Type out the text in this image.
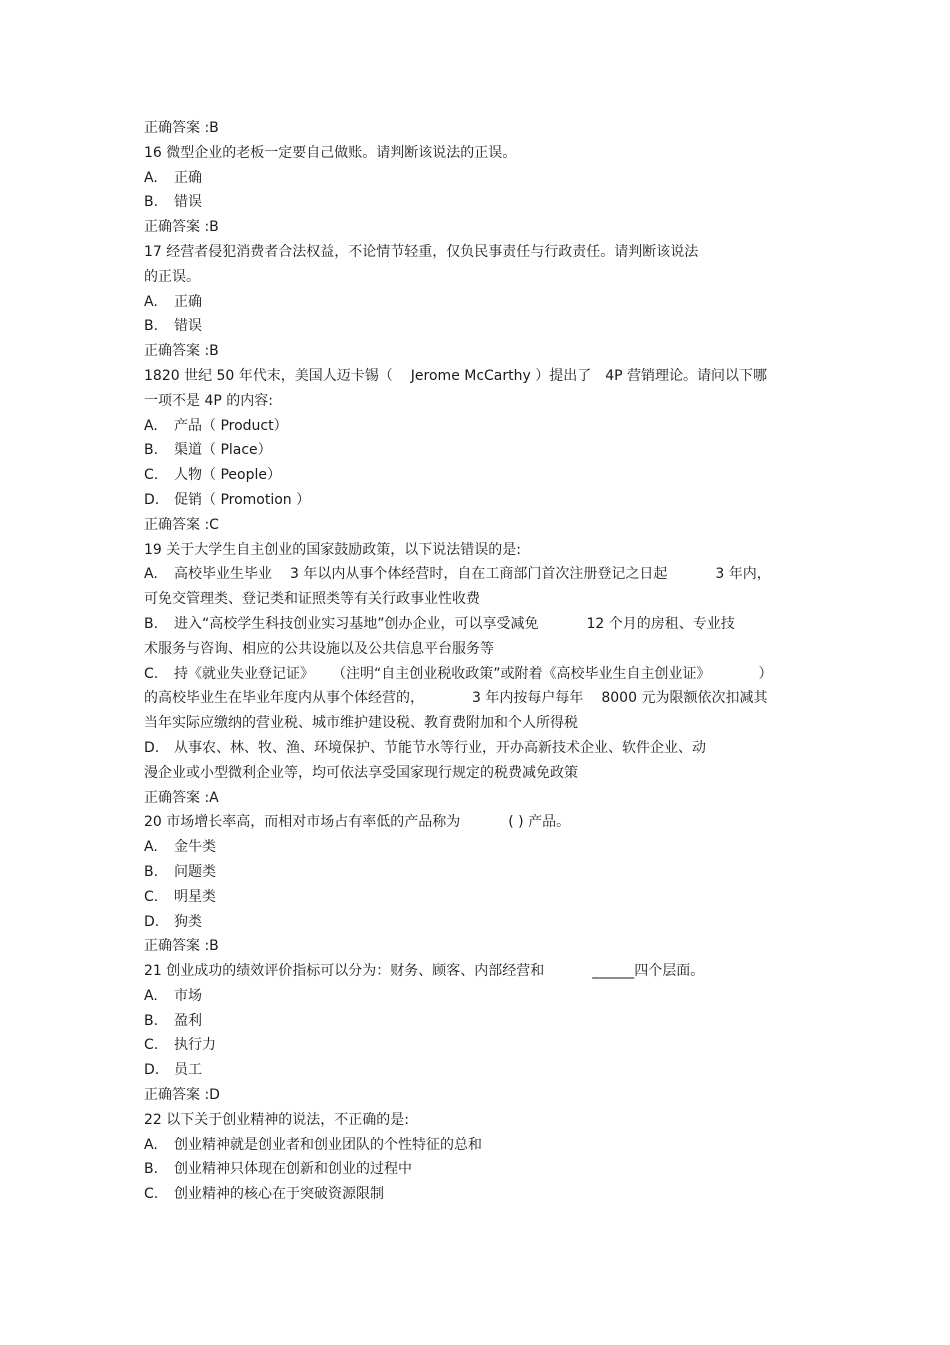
正确答案 :B
16 微型企业的老板一定要自己做账。请判断该说法的正误。
A. 正确
B. 错误
正确答案 :B
17 经营者侵犯消费者合法权益，不论情节轻重，仅负民事责任与行政责任。请判断该说法
的正误。
A. 正确
B. 错误
正确答案 :B
1820 世纪 50 年代末，美国人迈卡锡（ Jerome McCarthy ）提出了 4P 营销理论。请问以下哪
一项不是 4P 的内容:
A. 产品（ Product）
B. 渠道（ Place）
C. 人物（ People）
D. 促销（ Promotion ）
正确答案 :C
19 关于大学生自主创业的国家鼓励政策，以下说法错误的是:
A. 高校毕业生毕业 3 年以内从事个体经营时，自在工商部门首次注册登记之日起	3 年内，
可免交管理类、登记类和证照类等有关行政事业性收费
B. 进入“高校学生科技创业实习基地”创办企业，可以享受减免	12 个月的房租、专业技
术服务与咨询、相应的公共设施以及公共信息平台服务等
C. 持《就业失业登记证》 （注明“自主创业税收政策”或附着《高校毕业生自主创业证》	）
的高校毕业生在毕业年度内从事个体经营的，	3 年内按每户每年 8000 元为限额依次扣减其
当年实际应缴纳的营业税、城市维护建设税、教育费附加和个人所得税
D. 从事农、林、牧、渔、环境保护、节能节水等行业，开办高新技术企业、软件企业、动
漫企业或小型微利企业等，均可依法享受国家现行规定的税费减免政策
正确答案 :A
20 市场增长率高，而相对市场占有率低的产品称为	( ) 产品。
A. 金牛类
B. 问题类
C. 明星类
D. 狗类
正确答案 :B
21 创业成功的绩效评价指标可以分为：财务、顾客、内部经营和	______四个层面。
A. 市场
B. 盈利
C. 执行力
D. 员工
正确答案 :D
22 以下关于创业精神的说法，不正确的是:
A. 创业精神就是创业者和创业团队的个性特征的总和
B. 创业精神只体现在创新和创业的过程中
C. 创业精神的核心在于突破资源限制
